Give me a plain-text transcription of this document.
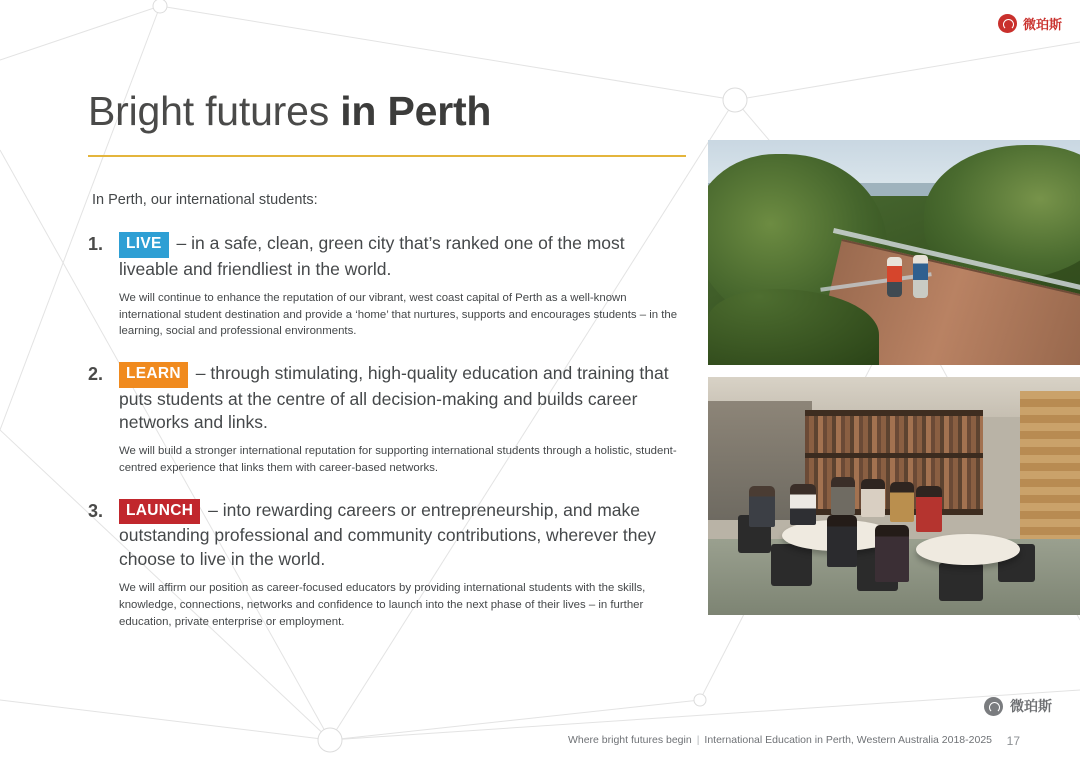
Bright futures in Perth
In Perth, our international students:
1.	LIVE – in a safe, clean, green city that’s ranked one of the most liveable and friendliest in the world.
We will continue to enhance the reputation of our vibrant, west coast capital of Perth as a well-known international student destination and provide a ‘home’ that nurtures, supports and encourages students – in the learning, social and professional environments.
2.	LEARN – through stimulating, high-quality education and training that puts students at the centre of all decision-making and builds career networks and links.
We will build a stronger international reputation for supporting international students through a holistic, student-centred experience that links them with career-based networks.
3.	LAUNCH – into rewarding careers or entrepreneurship, and make outstanding professional and community contributions, wherever they choose to live in the world.
We will affirm our position as career-focused educators by providing international students with the skills, knowledge, connections, networks and confidence to launch into the next phase of their lives – in further education, private enterprise or employment.
Where bright futures begin | International Education in Perth, Western Australia 2018-2025 17
微珀斯
微珀斯
